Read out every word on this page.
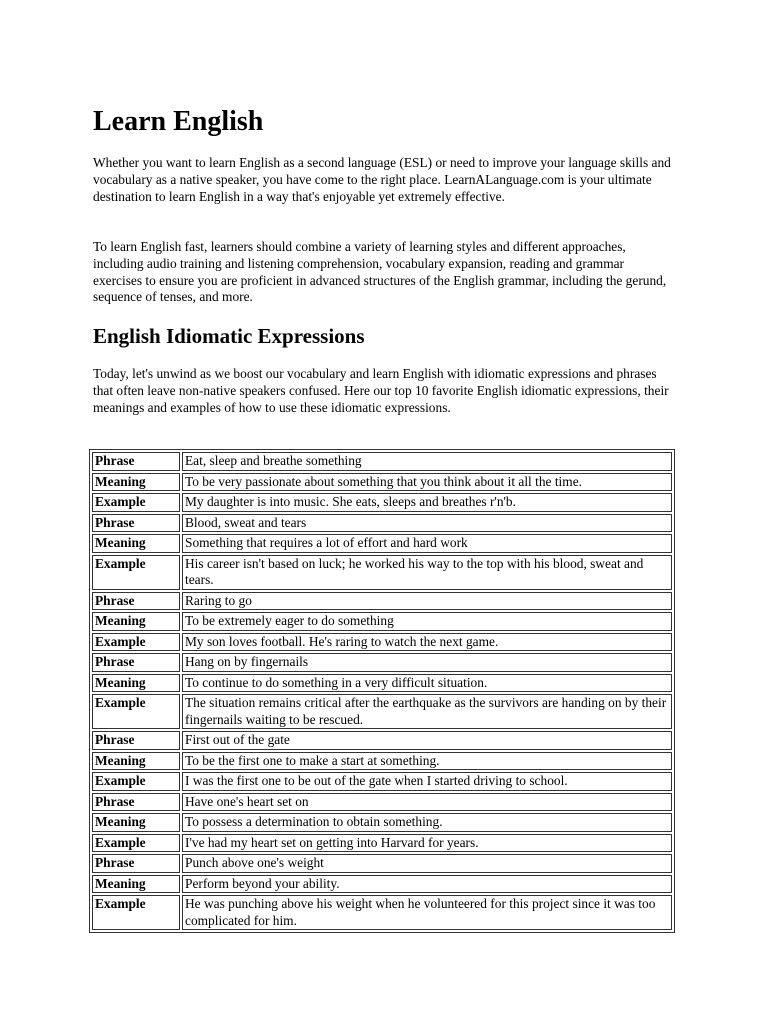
Learn English

Whether you want to learn English as a second language (ESL) or need to improve your language skills and vocabulary as a native speaker, you have come to the right place. LearnALanguage.com is your ultimate destination to learn English in a way that's enjoyable yet extremely effective.

To learn English fast, learners should combine a variety of learning styles and different approaches, including audio training and listening comprehension, vocabulary expansion, reading and grammar exercises to ensure you are proficient in advanced structures of the English grammar, including the gerund, sequence of tenses, and more.

English Idiomatic Expressions

Today, let's unwind as we boost our vocabulary and learn English with idiomatic expressions and phrases that often leave non-native speakers confused. Here our top 10 favorite English idiomatic expressions, their meanings and examples of how to use these idiomatic expressions.

Phrase	Eat, sleep and breathe something
Meaning	To be very passionate about something that you think about it all the time.
Example	My daughter is into music. She eats, sleeps and breathes r'n'b.
Phrase	Blood, sweat and tears
Meaning	Something that requires a lot of effort and hard work
Example	His career isn't based on luck; he worked his way to the top with his blood, sweat and tears.
Phrase	Raring to go
Meaning	To be extremely eager to do something
Example	My son loves football. He's raring to watch the next game.
Phrase	Hang on by fingernails
Meaning	To continue to do something in a very difficult situation.
Example	The situation remains critical after the earthquake as the survivors are handing on by their fingernails waiting to be rescued.
Phrase	First out of the gate
Meaning	To be the first one to make a start at something.
Example	I was the first one to be out of the gate when I started driving to school.
Phrase	Have one's heart set on
Meaning	To possess a determination to obtain something.
Example	I've had my heart set on getting into Harvard for years.
Phrase	Punch above one's weight
Meaning	Perform beyond your ability.
Example	He was punching above his weight when he volunteered for this project since it was too complicated for him.
